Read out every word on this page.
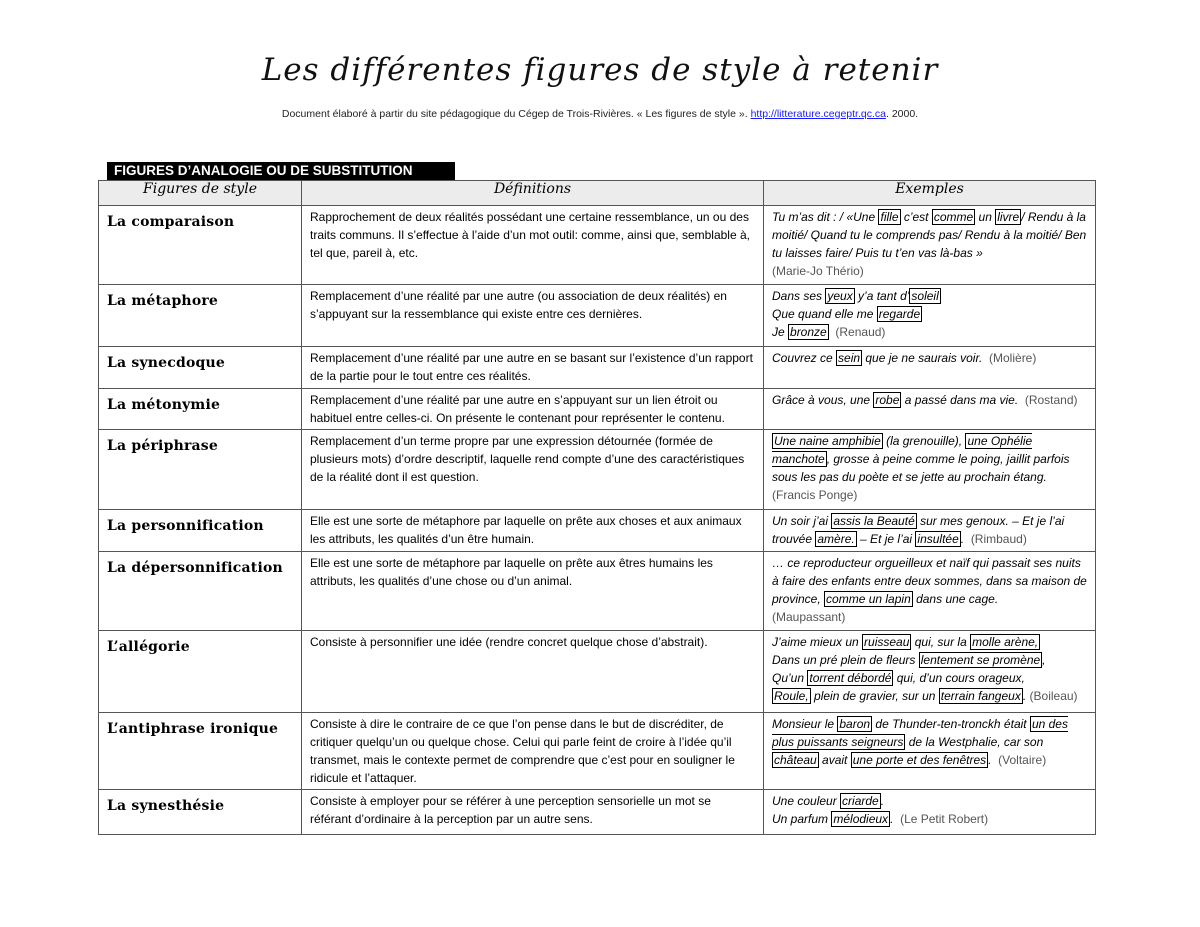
Les différentes figures de style à retenir
Document élaboré à partir du site pédagogique du Cégep de Trois-Rivières. « Les figures de style ». http://litterature.cegeptr.qc.ca. 2000.
FIGURES D’ANALOGIE OU DE SUBSTITUTION
Figures de style	Définitions	Exemples
La comparaison	Rapprochement de deux réalités possédant une certaine ressemblance, un ou des traits communs. Il s’effectue à l’aide d’un mot outil: comme, ainsi que, semblable à, tel que, pareil à, etc.	Tu m’as dit : / «Une fille c’est comme un livre / Rendu à la moitié/ Quand tu le comprends pas/ Rendu à la moitié/ Ben tu laisses faire/ Puis tu t’en vas là-bas »
(Marie-Jo Thério)
La métaphore	Remplacement d’une réalité par une autre (ou association de deux réalités) en s’appuyant sur la ressemblance qui existe entre ces dernières.	Dans ses yeux y’a tant d’ soleil
Que quand elle me regarde
Je bronze (Renaud)
La synecdoque	Remplacement d’une réalité par une autre en se basant sur l’existence d’un rapport de la partie pour le tout entre ces réalités.	Couvrez ce sein que je ne saurais voir. (Molière)
La métonymie	Remplacement d’une réalité par une autre en s’appuyant sur un lien étroit ou habituel entre celles-ci. On présente le contenant pour représenter le contenu.	Grâce à vous, une robe a passé dans ma vie. (Rostand)
La périphrase	Remplacement d’un terme propre par une expression détournée (formée de plusieurs mots) d’ordre descriptif, laquelle rend compte d’une des caractéristiques de la réalité dont il est question.	Une naine amphibie (la grenouille), une Ophélie manchote , grosse à peine comme le poing, jaillit parfois sous les pas du poète et se jette au prochain étang.
(Francis Ponge)
La personnification	Elle est une sorte de métaphore par laquelle on prête aux choses et aux animaux les attributs, les qualités d’un être humain.	Un soir j’ai assis la Beauté sur mes genoux. – Et je l’ai trouvée amère. – Et je l’ai insultée . (Rimbaud)
La dépersonnification	Elle est une sorte de métaphore par laquelle on prête aux êtres humains les attributs, les qualités d’une chose ou d’un animal.	… ce reproducteur orgueilleux et naïf qui passait ses nuits à faire des enfants entre deux sommes, dans sa maison de province, comme un lapin dans une cage.
(Maupassant)
L’allégorie	Consiste à personnifier une idée (rendre concret quelque chose d’abstrait).	J’aime mieux un ruisseau qui, sur la molle arène,
Dans un pré plein de fleurs lentement se promène ,
Qu’un torrent débordé qui, d’un cours orageux,
Roule, plein de gravier, sur un terrain fangeux . (Boileau)
L’antiphrase ironique	Consiste à dire le contraire de ce que l’on pense dans le but de discréditer, de critiquer quelqu’un ou quelque chose. Celui qui parle feint de croire à l’idée qu’il transmet, mais le contexte permet de comprendre que c’est pour en souligner le ridicule et l’attaquer.	Monsieur le baron de Thunder-ten-tronckh était un des plus puissants seigneurs de la Westphalie, car son château avait une porte et des fenêtres . (Voltaire)
La synesthésie	Consiste à employer pour se référer à une perception sensorielle un mot se référant d’ordinaire à la perception par un autre sens.	Une couleur criarde .
Un parfum mélodieux . (Le Petit Robert)
